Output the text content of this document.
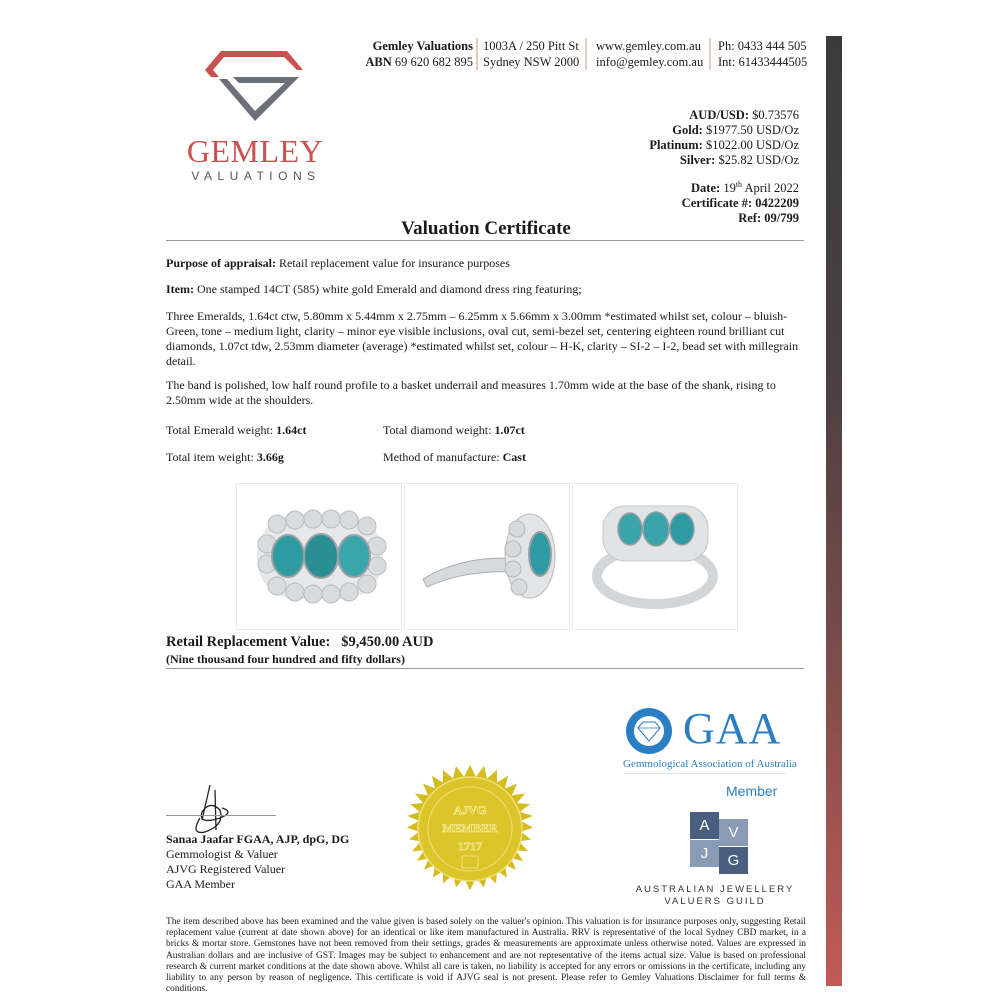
GEMLEY
VALUATIONS
Gemley Valuations
ABN 69 620 682 895
1003A / 250 Pitt St
Sydney NSW 2000
www.gemley.com.au
info@gemley.com.au
Ph: 0433 444 505
Int: 61433444505
AUD/USD: $0.73576
Gold: $1977.50 USD/Oz
Platinum: $1022.00 USD/Oz
Silver: $25.82 USD/Oz
Date: 19th April 2022
Certificate #: 0422209
Ref: 09/799
Valuation Certificate
Purpose of appraisal: Retail replacement value for insurance purposes
Item: One stamped 14CT (585) white gold Emerald and diamond dress ring featuring;
Three Emeralds, 1.64ct ctw, 5.80mm x 5.44mm x 2.75mm – 6.25mm x 5.66mm x 3.00mm *estimated whilst set, colour – bluish-Green, tone – medium light, clarity – minor eye visible inclusions, oval cut, semi-bezel set, centering eighteen round brilliant cut diamonds, 1.07ct tdw, 2.53mm diameter (average) *estimated whilst set, colour – H-K, clarity – SI-2 – I-2, bead set with millegrain detail.
The band is polished, low half round profile to a basket underrail and measures 1.70mm wide at the base of the shank, rising to 2.50mm wide at the shoulders.
Total Emerald weight: 1.64ct	Total diamond weight: 1.07ct
Total item weight: 3.66g	Method of manufacture: Cast
Retail Replacement Value: $9,450.00 AUD
(Nine thousand four hundred and fifty dollars)
Sanaa Jaafar FGAA, AJP, dpG, DG
Gemmologist & Valuer
AJVG Registered Valuer
GAA Member
AJVG
MEMBER
1717
GAA
Gemmological Association of Australia
Member
A	V
J	G
AUSTRALIAN JEWELLERY
VALUERS GUILD
The item described above has been examined and the value given is based solely on the valuer's opinion. This valuation is for insurance purposes only, suggesting Retail replacement value (current at date shown above) for an identical or like item manufactured in Australia. RRV is representative of the local Sydney CBD market, in a bricks & mortar store. Gemstones have not been removed from their settings, grades & measurements are approximate unless otherwise noted. Values are expressed in Australian dollars and are inclusive of GST. Images may be subject to enhancement and are not representative of the items actual size. Value is based on professional research & current market conditions at the date shown above. Whilst all care is taken, no liability is accepted for any errors or omissions in the certificate, including any liability to any person by reason of negligence. This certificate is void if AJVG seal is not present. Please refer to Gemley Valuations Disclaimer for full terms & conditions.
